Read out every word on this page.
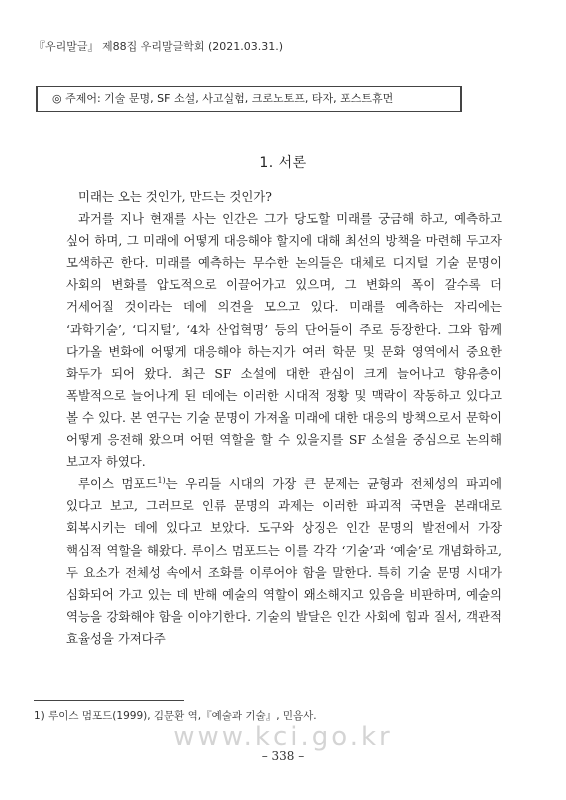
『우리말글』 제88집 우리말글학회 (2021.03.31.)
◎ 주제어: 기술 문명, SF 소설, 사고실험, 크로노토프, 타자, 포스트휴먼
1. 서론

미래는 오는 것인가, 만드는 것인가?

과거를 지나 현재를 사는 인간은 그가 당도할 미래를 궁금해 하고, 예측하고 싶어 하며, 그 미래에 어떻게 대응해야 할지에 대해 최선의 방책을 마련해 두고자 모색하곤 한다. 미래를 예측하는 무수한 논의들은 대체로 디지털 기술 문명이 사회의 변화를 압도적으로 이끌어가고 있으며, 그 변화의 폭이 갈수록 더 거세어질 것이라는 데에 의견을 모으고 있다. 미래를 예측하는 자리에는 ‘과학기술’, ‘디지털’, ‘4차 산업혁명’ 등의 단어들이 주로 등장한다. 그와 함께 다가올 변화에 어떻게 대응해야 하는지가 여러 학문 및 문화 영역에서 중요한 화두가 되어 왔다. 최근 SF 소설에 대한 관심이 크게 늘어나고 향유층이 폭발적으로 늘어나게 된 데에는 이러한 시대적 정황 및 맥락이 작동하고 있다고 볼 수 있다. 본 연구는 기술 문명이 가져올 미래에 대한 대응의 방책으로서 문학이 어떻게 응전해 왔으며 어떤 역할을 할 수 있을지를 SF 소설을 중심으로 논의해 보고자 하였다.

루이스 멈포드$^{1)}$는 우리들 시대의 가장 큰 문제는 균형과 전체성의 파괴에 있다고 보고, 그러므로 인류 문명의 과제는 이러한 파괴적 국면을 본래대로 회복시키는 데에 있다고 보았다. 도구와 상징은 인간 문명의 발전에서 가장 핵심적 역할을 해왔다. 루이스 멈포드는 이를 각각 ‘기술’과 ‘예술’로 개념화하고, 두 요소가 전체성 속에서 조화를 이루어야 함을 말한다. 특히 기술 문명 시대가 심화되어 가고 있는 데 반해 예술의 역할이 왜소해지고 있음을 비판하며, 예술의 역능을 강화해야 함을 이야기한다. 기술의 발달은 인간 사회에 힘과 질서, 객관적 효율성을 가져다주

1) 루이스 멈포드(1999), 김문환 역,『예술과 기술』, 민음사.
www.kci.go.kr
– 338 –
